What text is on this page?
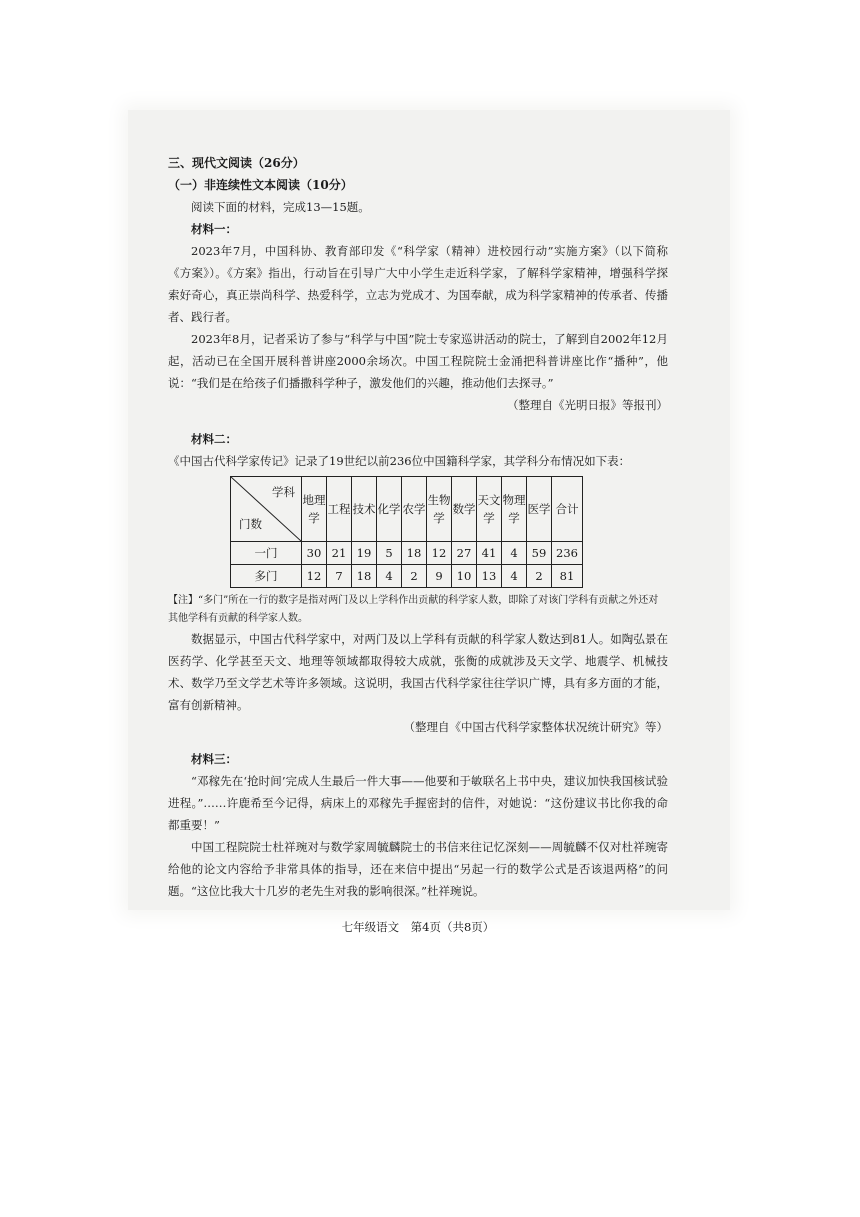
三、现代文阅读（26分）

（一）非连续性文本阅读（10分）

阅读下面的材料，完成13—15题。

材料一：

2023年7月，中国科协、教育部印发《“科学家（精神）进校园行动”实施方案》（以下简称《方案》）。《方案》指出，行动旨在引导广大中小学生走近科学家，了解科学家精神，增强科学探索好奇心，真正崇尚科学、热爱科学，立志为党成才、为国奉献，成为科学家精神的传承者、传播者、践行者。

2023年8月，记者采访了参与“科学与中国”院士专家巡讲活动的院士，了解到自2002年12月起，活动已在全国开展科普讲座2000余场次。中国工程院院士金涌把科普讲座比作“播种”，他说：“我们是在给孩子们播撒科学种子，激发他们的兴趣，推动他们去探寻。”

（整理自《光明日报》等报刊）

材料二：

《中国古代科学家传记》记录了19世纪以前236位中国籍科学家，其学科分布情况如下表：

学科
门数	地理学	工程	技术	化学	农学	生物学	数学	天文学	物理学	医学	合计
一门	30	21	19	5	18	12	27	41	4	59	236
多门	12	7	18	4	2	9	10	13	4	2	81

【注】“多门”所在一行的数字是指对两门及以上学科作出贡献的科学家人数，即除了对该门学科有贡献之外还对其他学科有贡献的科学家人数。

数据显示，中国古代科学家中，对两门及以上学科有贡献的科学家人数达到81人。如陶弘景在医药学、化学甚至天文、地理等领域都取得较大成就，张衡的成就涉及天文学、地震学、机械技术、数学乃至文学艺术等许多领域。这说明，我国古代科学家往往学识广博，具有多方面的才能，富有创新精神。

（整理自《中国古代科学家整体状况统计研究》等）

材料三：

“邓稼先在‘抢时间’完成人生最后一件大事——他要和于敏联名上书中央，建议加快我国核试验进程。”……许鹿希至今记得，病床上的邓稼先手握密封的信件，对她说：“这份建议书比你我的命都重要！”

中国工程院院士杜祥琬对与数学家周毓麟院士的书信来往记忆深刻——周毓麟不仅对杜祥琬寄给他的论文内容给予非常具体的指导，还在来信中提出“另起一行的数学公式是否该退两格”的问题。“这位比我大十几岁的老先生对我的影响很深。”杜祥琬说。

七年级语文　第4页（共8页）
